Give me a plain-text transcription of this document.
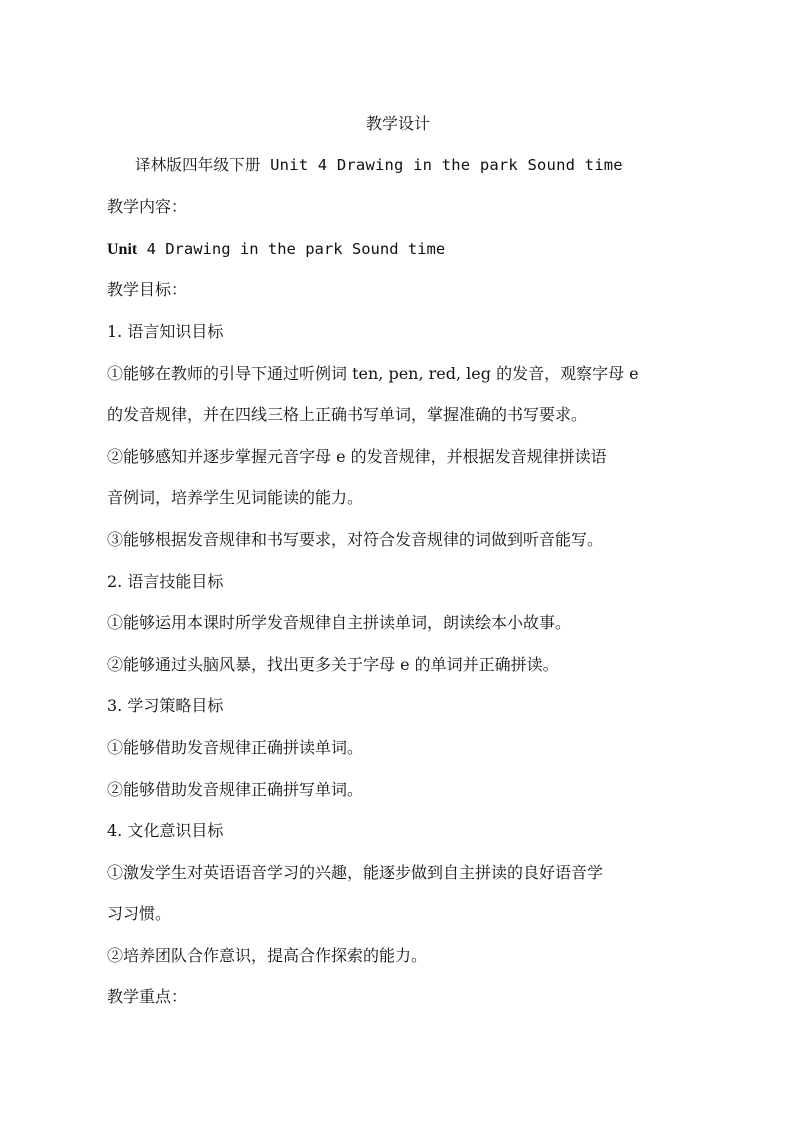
教学设计
译林版四年级下册 Unit 4 Drawing in the park Sound time
教学内容：
Unit 4 Drawing in the park Sound time
教学目标：
1. 语言知识目标
①能够在教师的引导下通过听例词 ten, pen, red, leg 的发音，观察字母 e
的发音规律，并在四线三格上正确书写单词，掌握准确的书写要求。
②能够感知并逐步掌握元音字母 e 的发音规律，并根据发音规律拼读语
音例词，培养学生见词能读的能力。
③能够根据发音规律和书写要求，对符合发音规律的词做到听音能写。
2. 语言技能目标
①能够运用本课时所学发音规律自主拼读单词，朗读绘本小故事。
②能够通过头脑风暴，找出更多关于字母 e 的单词并正确拼读。
3. 学习策略目标
①能够借助发音规律正确拼读单词。
②能够借助发音规律正确拼写单词。
4. 文化意识目标
①激发学生对英语语音学习的兴趣，能逐步做到自主拼读的良好语音学
习习惯。
②培养团队合作意识，提高合作探索的能力。
教学重点：
